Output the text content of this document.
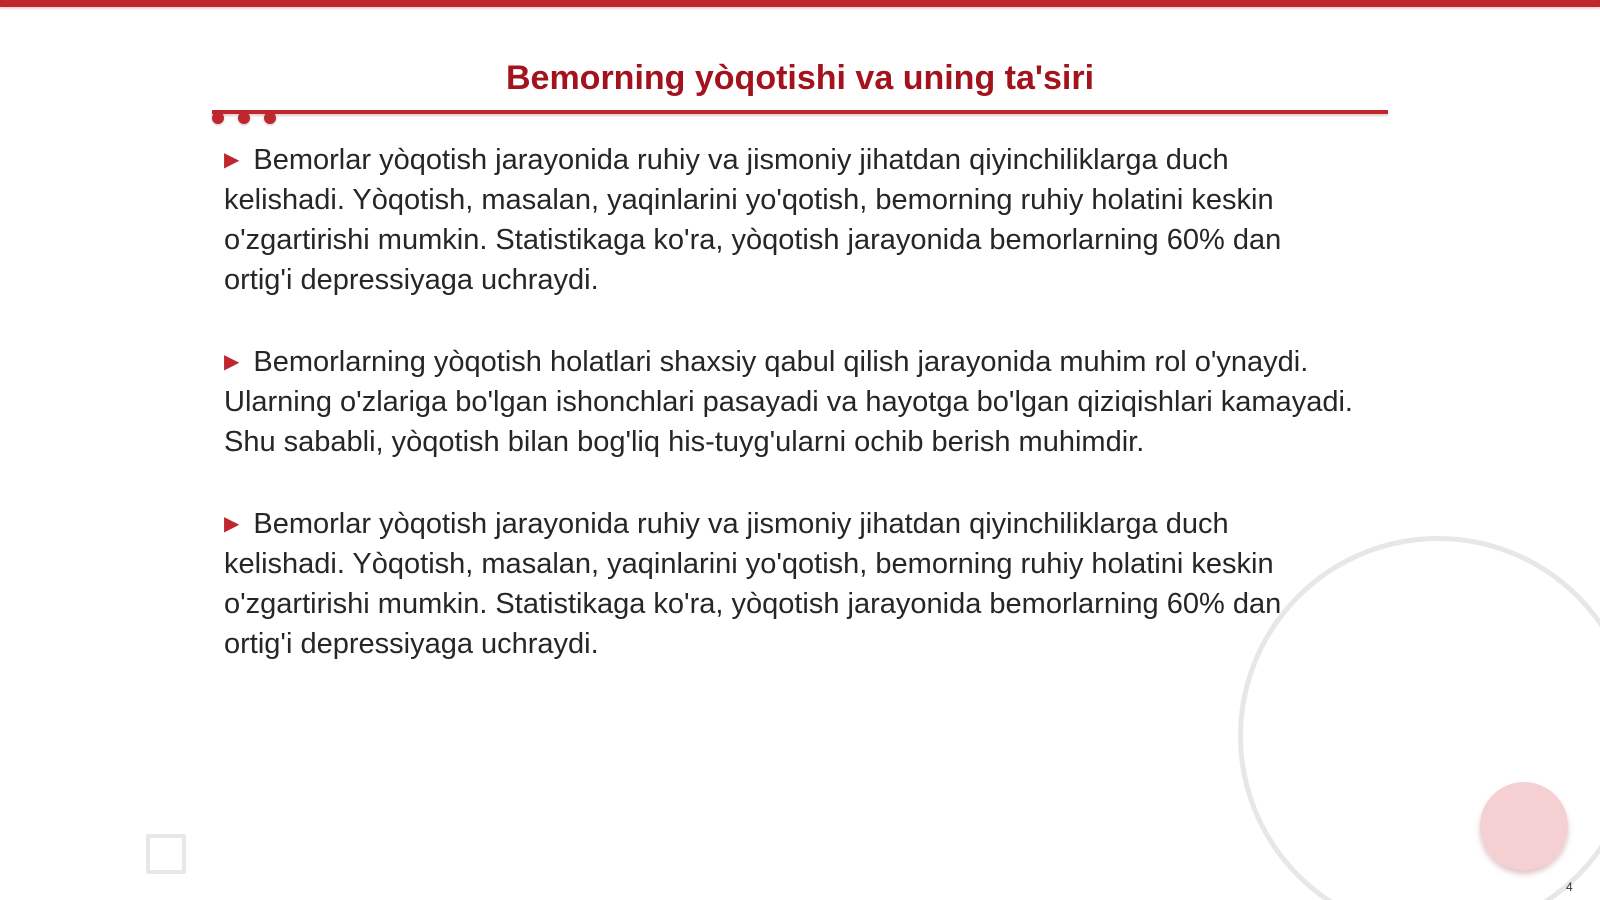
Bemorning yòqotishi va uning ta'siri

▶ Bemorlar yòqotish jarayonida ruhiy va jismoniy jihatdan qiyinchiliklarga duch kelishadi. Yòqotish, masalan, yaqinlarini yo'qotish, bemorning ruhiy holatini keskin o'zgartirishi mumkin. Statistikaga ko'ra, yòqotish jarayonida bemorlarning 60% dan ortig'i depressiyaga uchraydi.

▶ Bemorlarning yòqotish holatlari shaxsiy qabul qilish jarayonida muhim rol o'ynaydi. Ularning o'zlariga bo'lgan ishonchlari pasayadi va hayotga bo'lgan qiziqishlari kamayadi. Shu sababli, yòqotish bilan bog'liq his-tuyg'ularni ochib berish muhimdir.

▶ Bemorlar yòqotish jarayonida ruhiy va jismoniy jihatdan qiyinchiliklarga duch kelishadi. Yòqotish, masalan, yaqinlarini yo'qotish, bemorning ruhiy holatini keskin o'zgartirishi mumkin. Statistikaga ko'ra, yòqotish jarayonida bemorlarning 60% dan ortig'i depressiyaga uchraydi.

4
